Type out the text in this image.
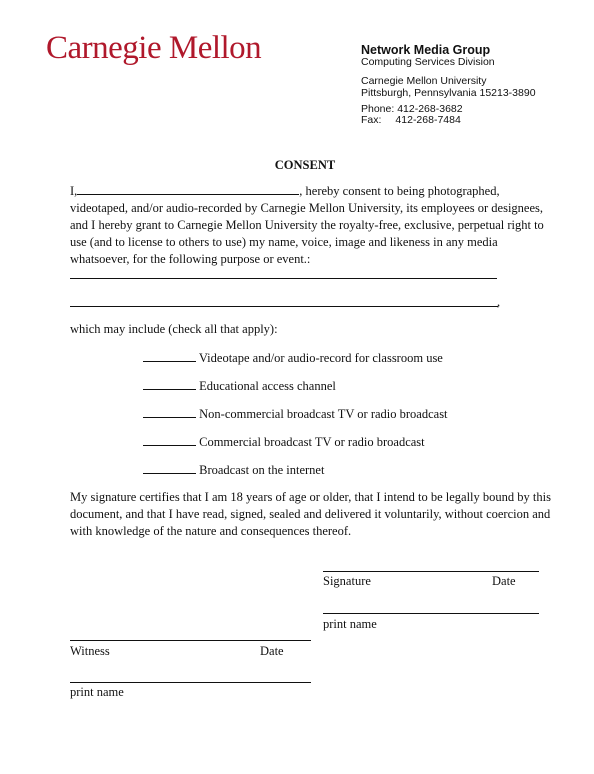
Carnegie Mellon	Network Media Group
Computing Services Division
Carnegie Mellon University
Pittsburgh, Pennsylvania 15213-3890
Phone: 412-268-3682
Fax: 412-268-7484
CONSENT
I,	, hereby consent to being photographed,
videotaped, and/or audio-recorded by Carnegie Mellon University, its employees or designees,
and I hereby grant to Carnegie Mellon University the royalty-free, exclusive, perpetual right to
use (and to license to others to use) my name, voice, image and likeness in any media
whatsoever, for the following purpose or event.:
,
which may include (check all that apply):
Videotape and/or audio-record for classroom use
Educational access channel
Non-commercial broadcast TV or radio broadcast
Commercial broadcast TV or radio broadcast
Broadcast on the internet
My signature certifies that I am 18 years of age or older, that I intend to be legally bound by this
document, and that I have read, signed, sealed and delivered it voluntarily, without coercion and
with knowledge of the nature and consequences thereof.
Signature	Date
print name
Witness	Date
print name
